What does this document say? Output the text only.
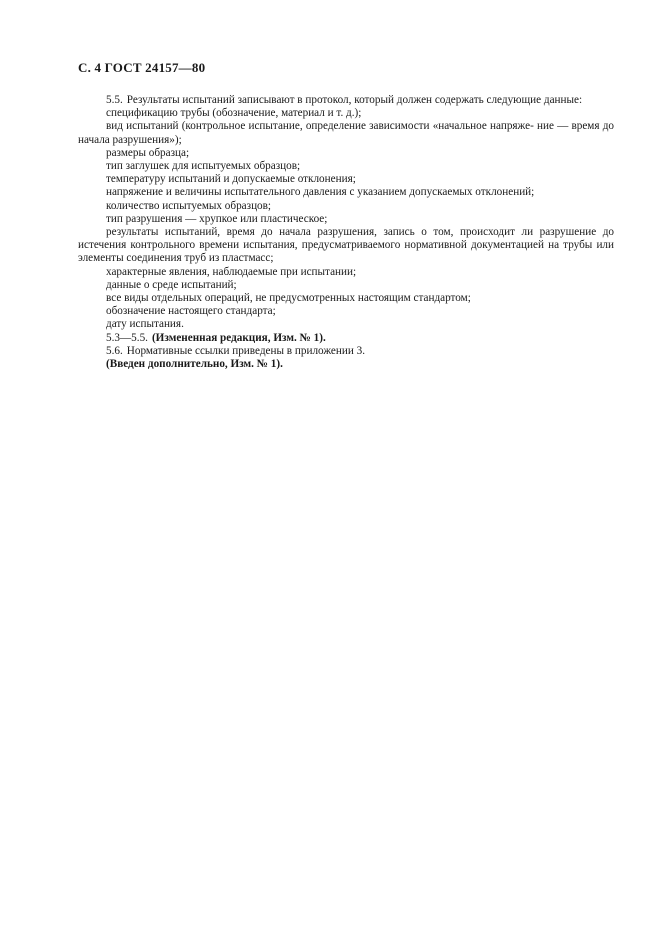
С. 4 ГОСТ 24157—80

5.5. Результаты испытаний записывают в протокол, который должен содержать следующие данные:

спецификацию трубы (обозначение, материал и т. д.);

вид испытаний (контрольное испытание, определение зависимости «начальное напряже- ние — время до начала разрушения»);

размеры образца;

тип заглушек для испытуемых образцов;

температуру испытаний и допускаемые отклонения;

напряжение и величины испытательного давления с указанием допускаемых отклонений;

количество испытуемых образцов;

тип разрушения — хрупкое или пластическое;

результаты испытаний, время до начала разрушения, запись о том, происходит ли разрушение до истечения контрольного времени испытания, предусматриваемого нормативной документацией на трубы или элементы соединения труб из пластмасс;

характерные явления, наблюдаемые при испытании;

данные о среде испытаний;

все виды отдельных операций, не предусмотренных настоящим стандартом;

обозначение настоящего стандарта;

дату испытания.

5.3—5.5. (Измененная редакция, Изм. № 1).

5.6. Нормативные ссылки приведены в приложении 3.

(Введен дополнительно, Изм. № 1).
